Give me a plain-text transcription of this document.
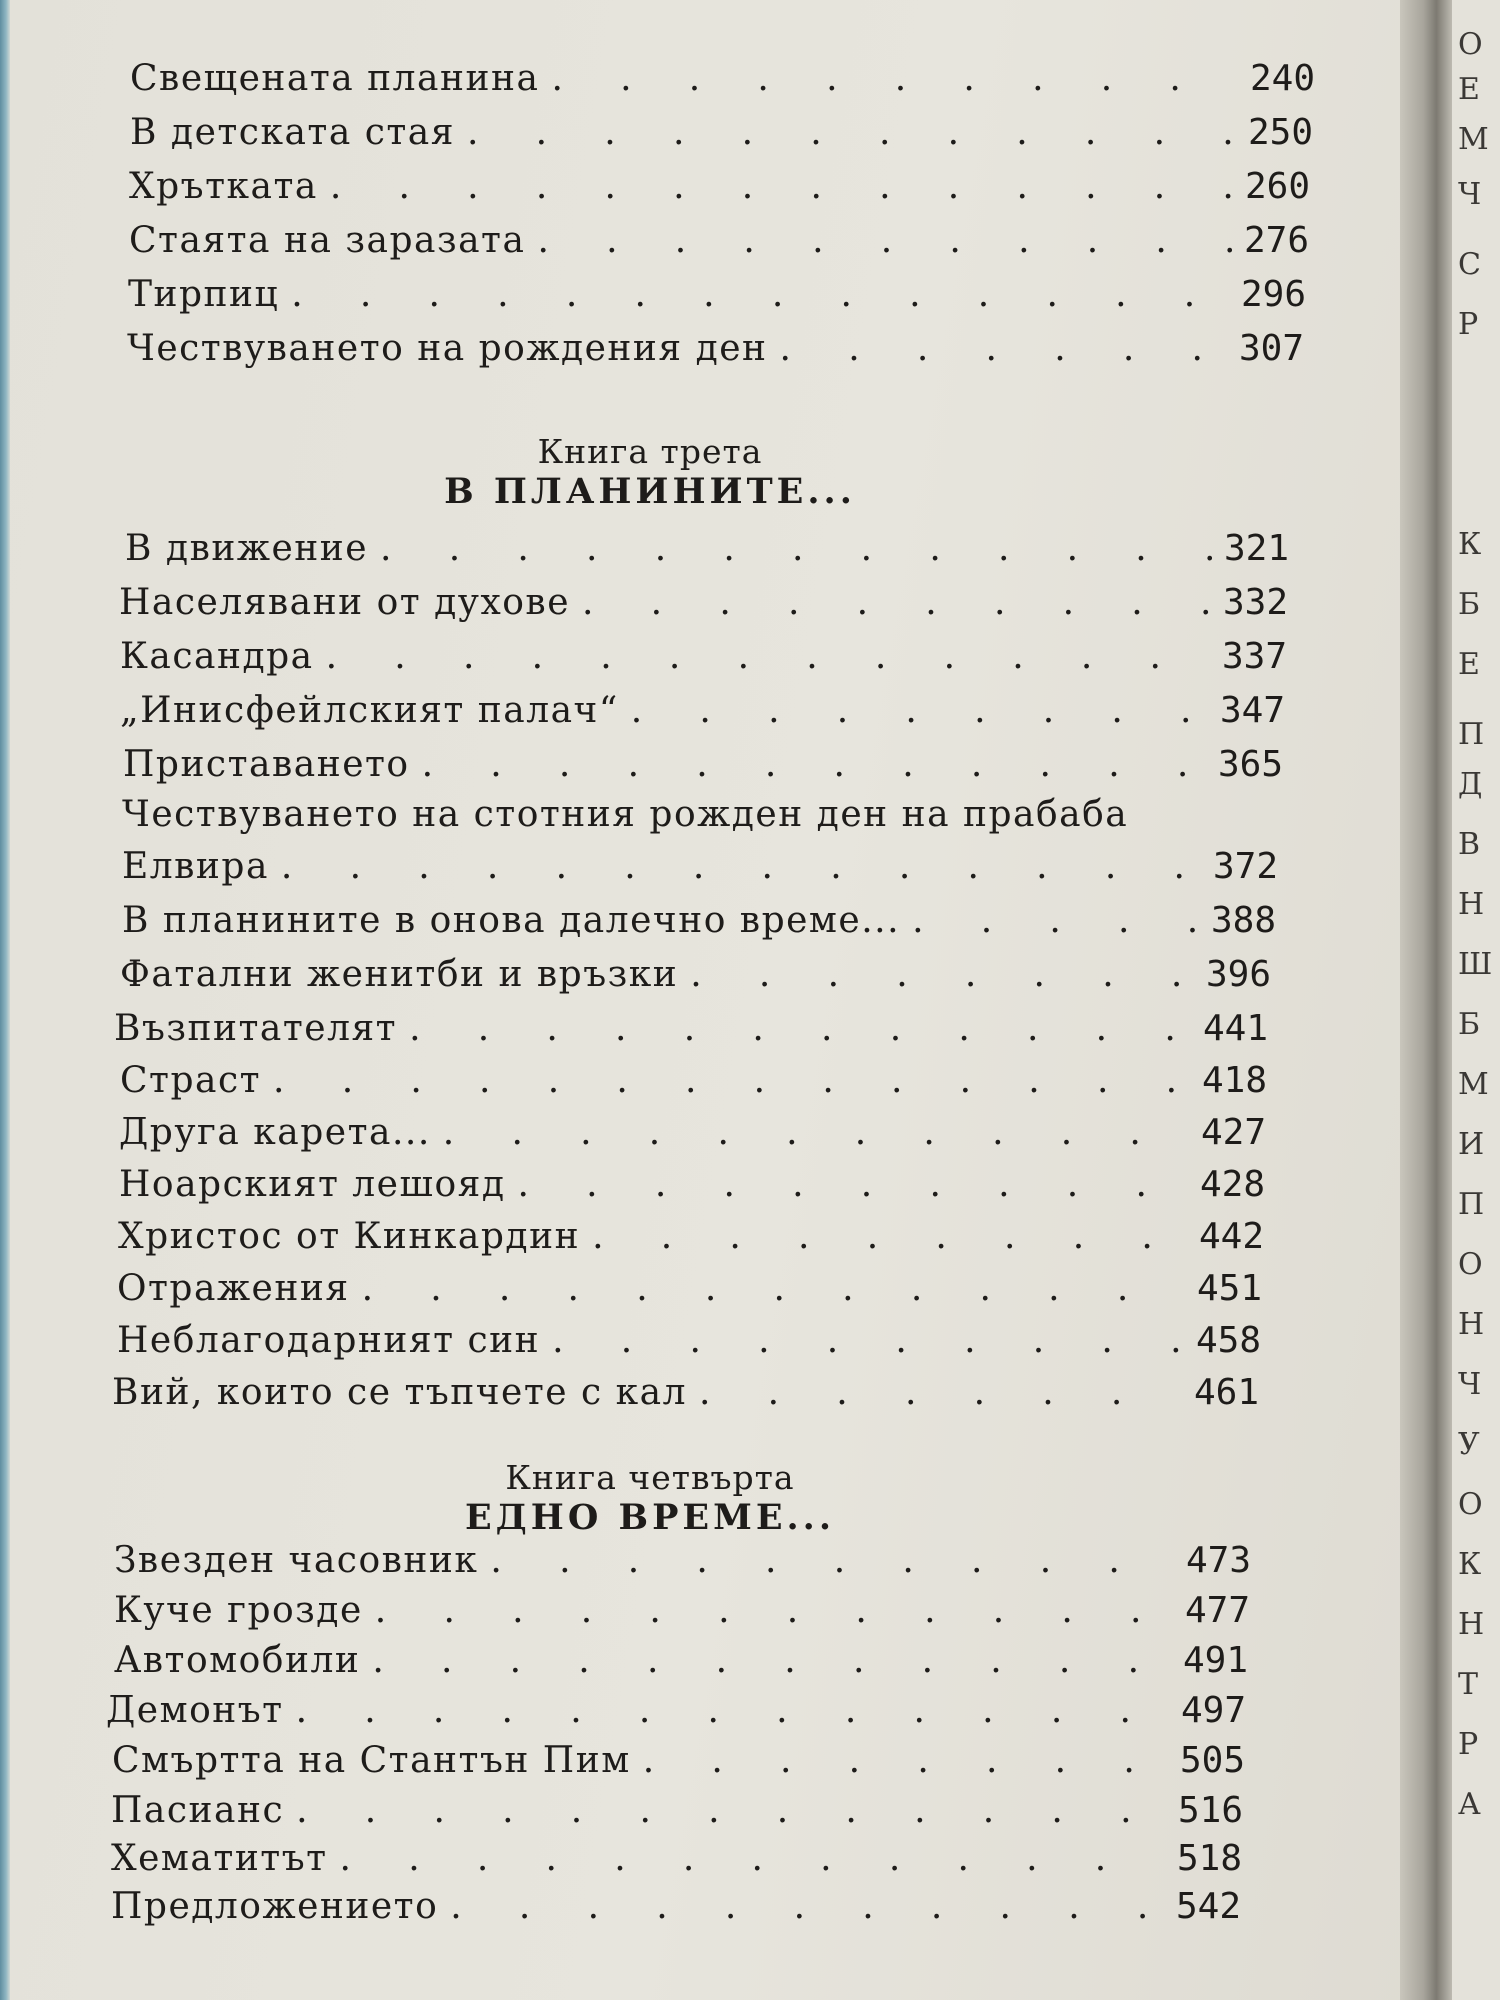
Свещената планина .	240
В детската стая .	250
Хрътката .	260
Стаята на заразата .	276
Тирпиц .	296
Чествуването на рождения ден .	307
Книга трета
В ПЛАНИНИТЕ...
В движение .	321
Населявани от духове .	332
Касандра .	337
„Инисфейлският палач“ .	347
Приставането .	365
Чествуването на стотния рожден ден на прабаба
Елвира .	372
В планините в онова далечно време... .	388
Фатални женитби и връзки .	396
Възпитателят .	441
Страст .	418
Друга карета... .	427
Ноарският лешояд .	428
Христос от Кинкардин .	442
Отражения .	451
Неблагодарният син .	458
Вий, които се тъпчете с кал .	461
Книга четвърта
ЕДНО ВРЕМЕ...
Звезден часовник .	473
Куче грозде .	477
Автомобили .	491
Демонът .	497
Смъртта на Стантън Пим .	505
Пасианс .	516
Хематитът .	518
Предложението .	542
О
Е
М
Ч
С
Р
К
Б
Е
П
Д
В
Н
Ш
Б
М
И
П
О
Н
Ч
У
О
К
Н
Т
Р
А
